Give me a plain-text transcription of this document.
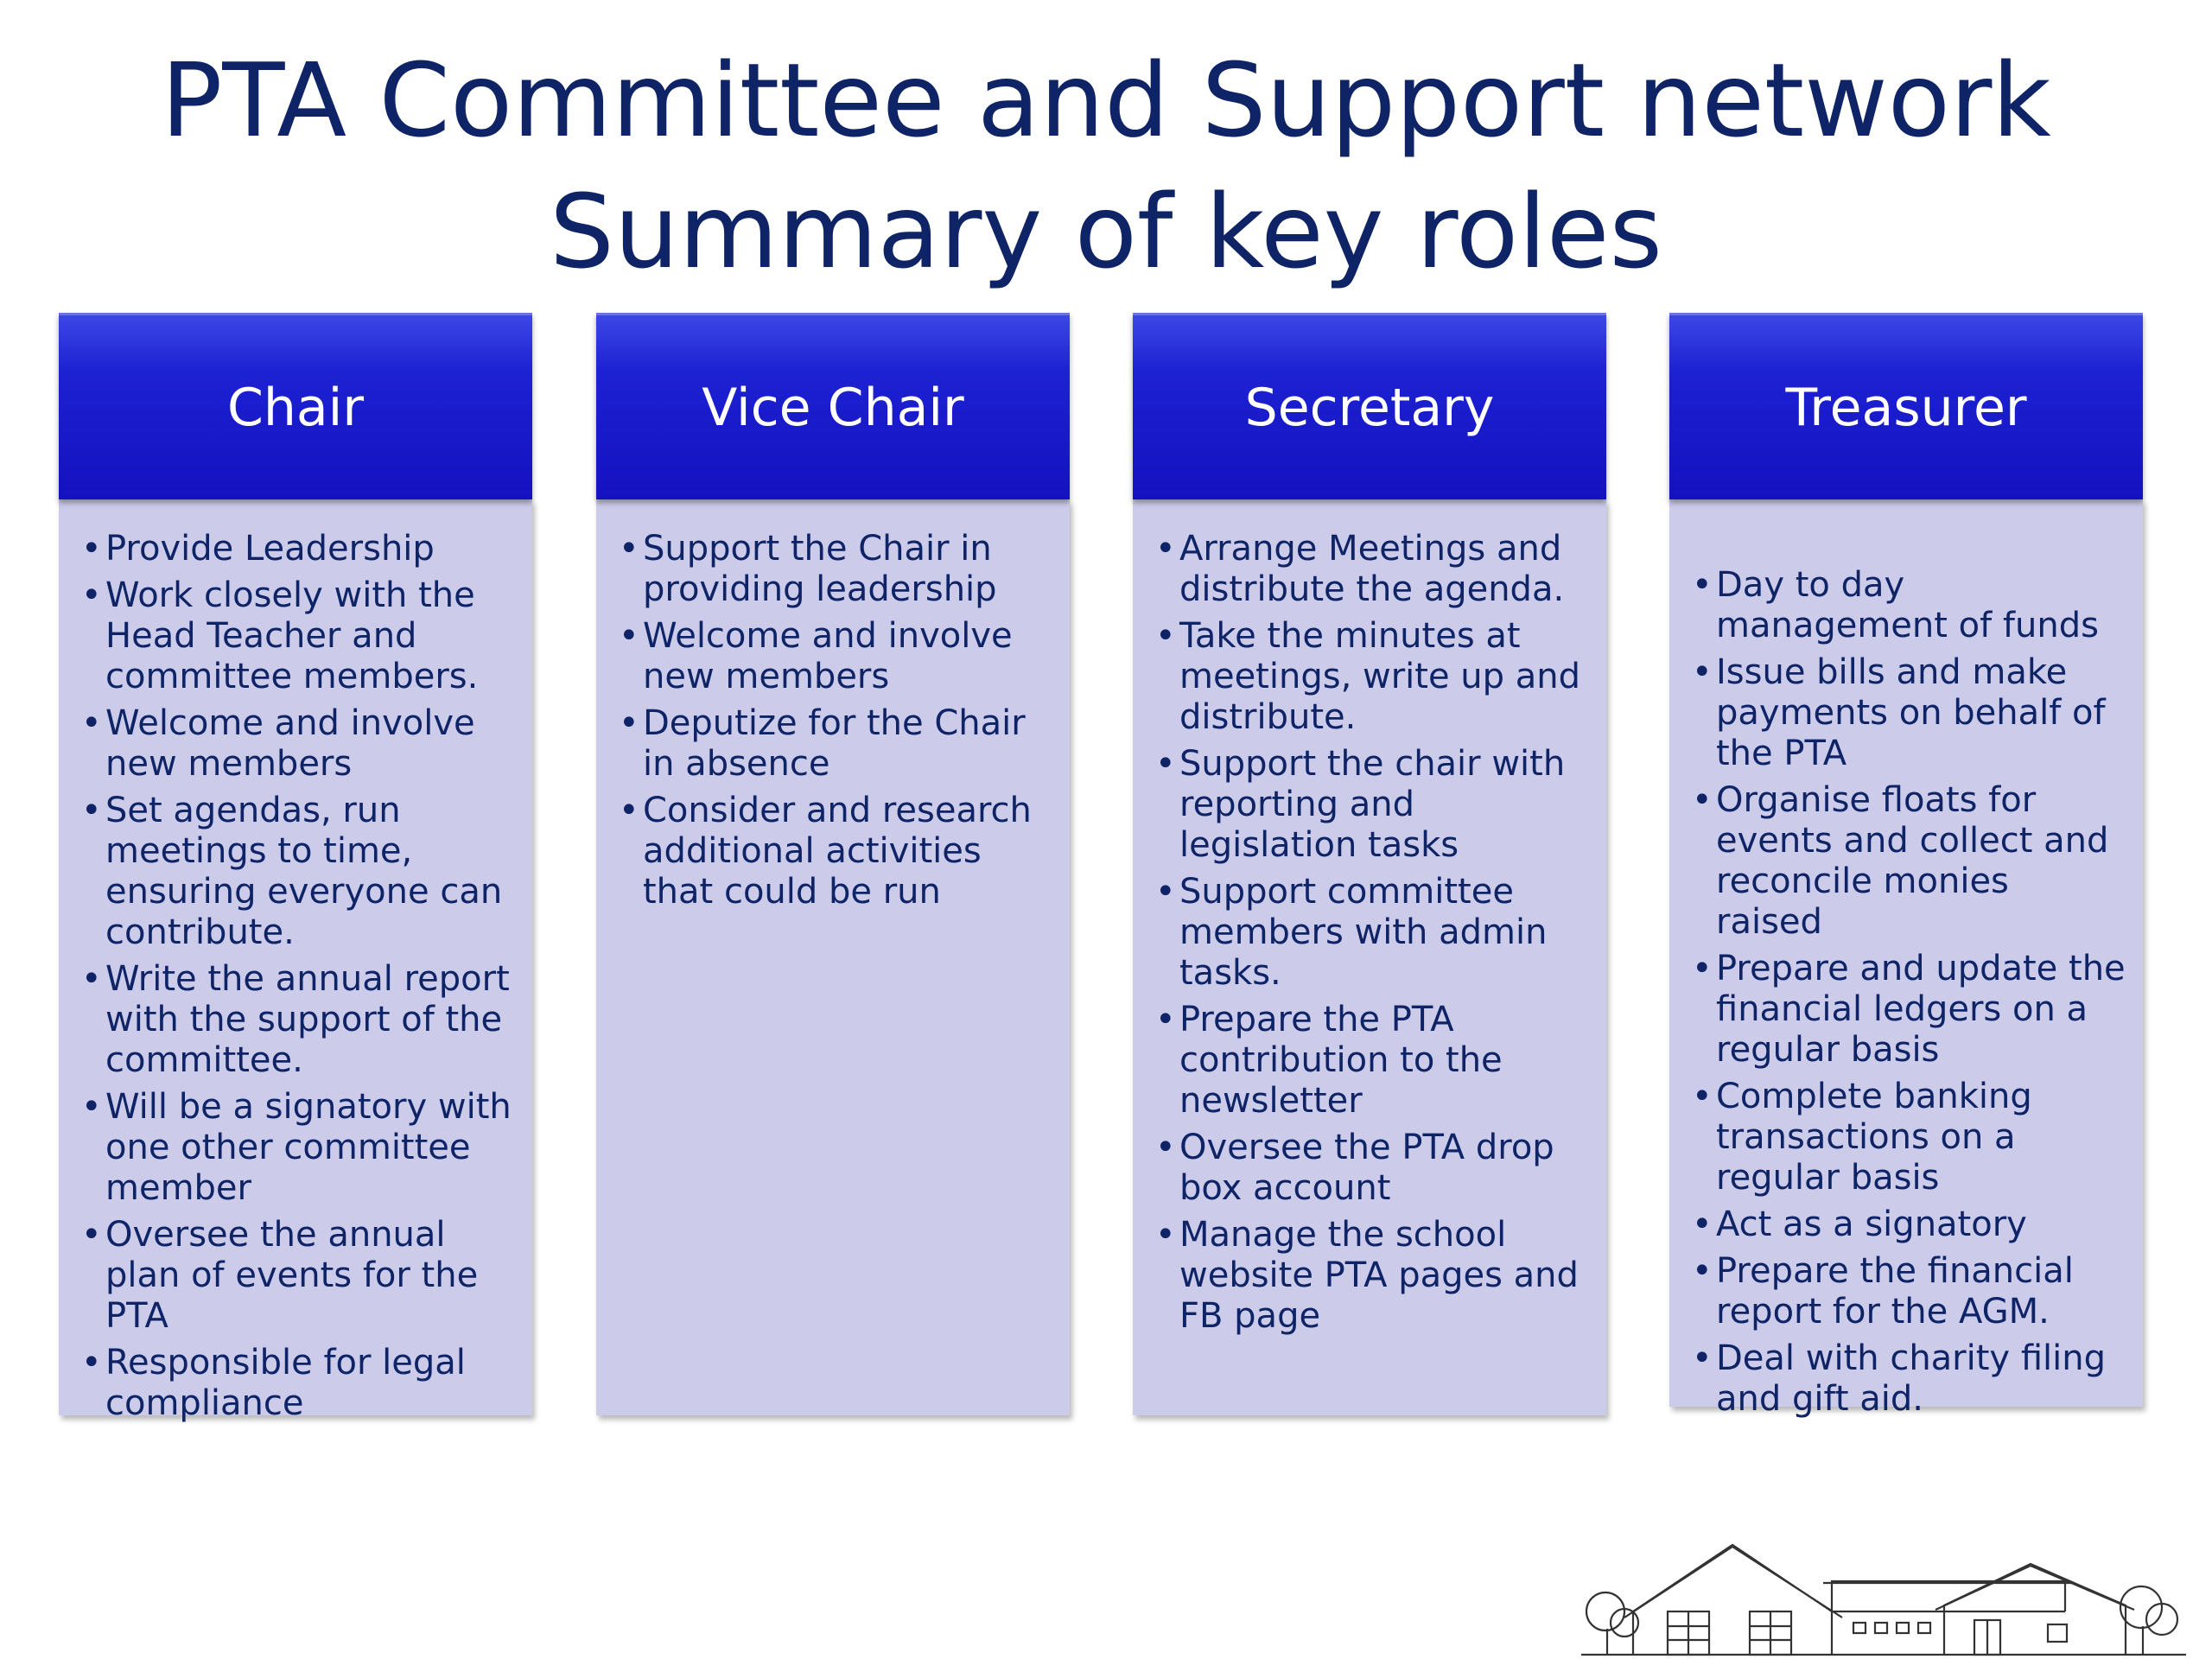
PTA Committee and Support network
Summary of key roles
Chair
• Provide Leadership
• Work closely with the Head Teacher and committee members.
• Welcome and involve new members
• Set agendas, run meetings to time, ensuring everyone can contribute.
• Write the annual report with the support of the committee.
• Will be a signatory with one other committee member
• Oversee the annual plan of events for the PTA
• Responsible for legal compliance
Vice Chair
• Support the Chair in providing leadership
• Welcome and involve new members
• Deputize for the Chair in absence
• Consider and research additional activities that could be run
Secretary
• Arrange Meetings and distribute the agenda.
• Take the minutes at meetings, write up and distribute.
• Support the chair with reporting and legislation tasks
• Support committee members with admin tasks.
• Prepare the PTA contribution to the newsletter
• Oversee the PTA drop box account
• Manage the school website PTA pages and FB page
Treasurer
• Day to day management of funds
• Issue bills and make payments on behalf of the PTA
• Organise floats for events and collect and reconcile monies raised
• Prepare and update the financial ledgers on a regular basis
• Complete banking transactions on a regular basis
• Act as a signatory
• Prepare the financial report for the AGM.
• Deal with charity filing and gift aid.
